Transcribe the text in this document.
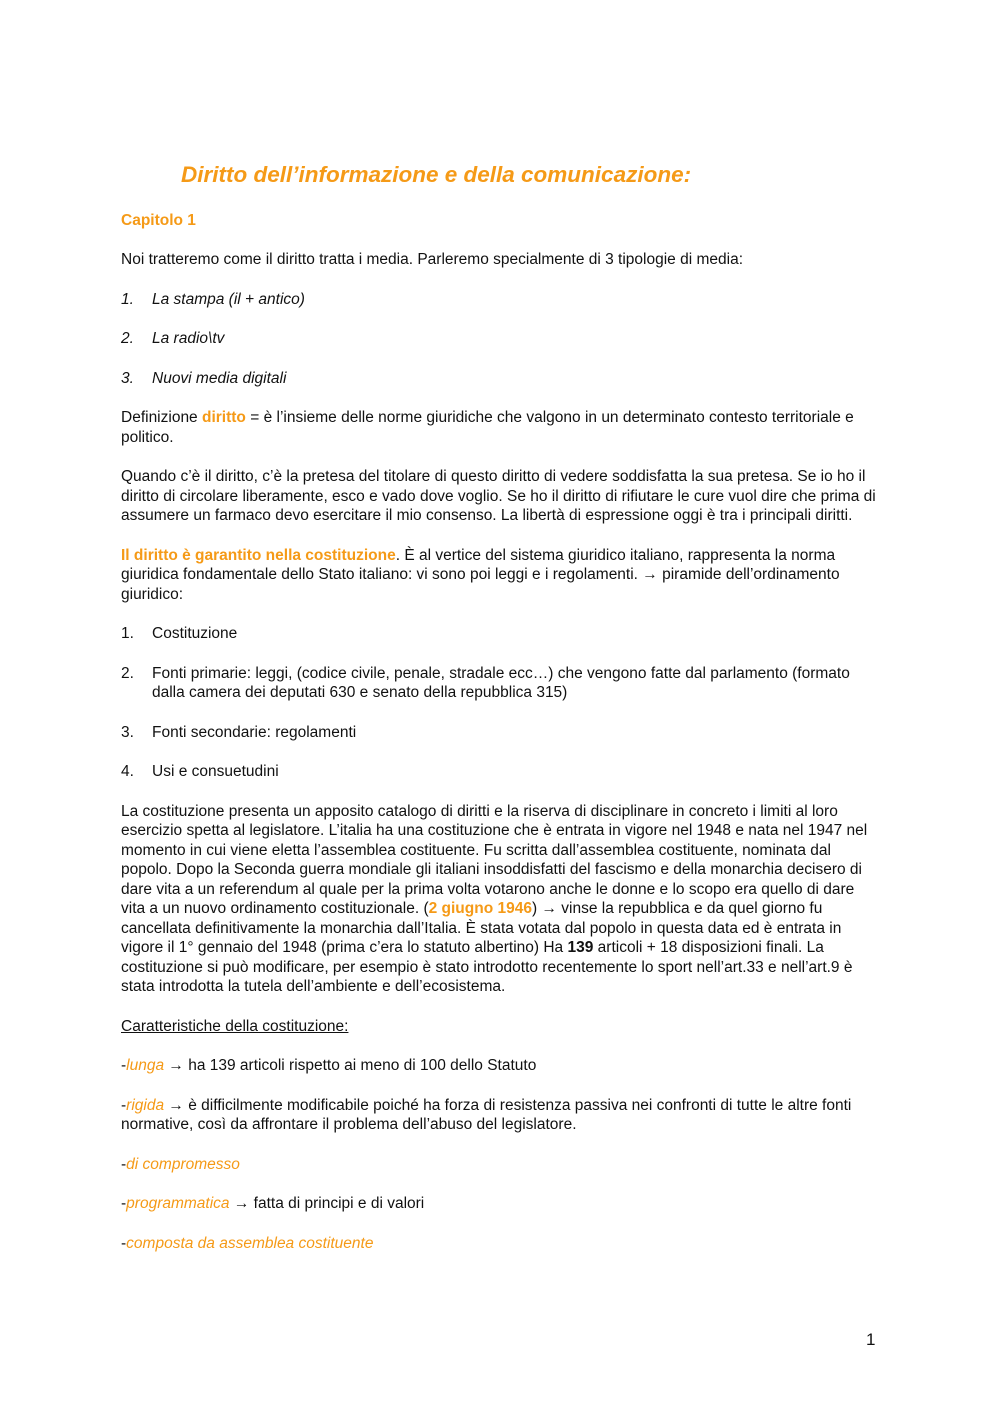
Diritto dell’informazione e della comunicazione:
Capitolo 1

Noi tratteremo come il diritto tratta i media. Parleremo specialmente di 3 tipologie di media:

1.	La stampa (il + antico)
2.	La radio\tv
3.	Nuovi media digitali

Definizione diritto = è l’insieme delle norme giuridiche che valgono in un determinato contesto territoriale e politico.

Quando c’è il diritto, c’è la pretesa del titolare di questo diritto di vedere soddisfatta la sua pretesa. Se io ho il diritto di circolare liberamente, esco e vado dove voglio. Se ho il diritto di rifiutare le cure vuol dire che prima di assumere un farmaco devo esercitare il mio consenso. La libertà di espressione oggi è tra i principali diritti.

Il diritto è garantito nella costituzione. È al vertice del sistema giuridico italiano, rappresenta la norma giuridica fondamentale dello Stato italiano: vi sono poi leggi e i regolamenti. → piramide dell’ordinamento giuridico:

1.	Costituzione
2.	Fonti primarie: leggi, (codice civile, penale, stradale ecc…) che vengono fatte dal parlamento (formato dalla camera dei deputati 630 e senato della repubblica 315)
3.	Fonti secondarie: regolamenti
4.	Usi e consuetudini

La costituzione presenta un apposito catalogo di diritti e la riserva di disciplinare in concreto i limiti al loro esercizio spetta al legislatore. L’italia ha una costituzione che è entrata in vigore nel 1948 e nata nel 1947 nel momento in cui viene eletta l’assemblea costituente. Fu scritta dall’assemblea costituente, nominata dal popolo. Dopo la Seconda guerra mondiale gli italiani insoddisfatti del fascismo e della monarchia decisero di dare vita a un referendum al quale per la prima volta votarono anche le donne e lo scopo era quello di dare vita a un nuovo ordinamento costituzionale. (2 giugno 1946) → vinse la repubblica e da quel giorno fu cancellata definitivamente la monarchia dall’Italia. È stata votata dal popolo in questa data ed è entrata in vigore il 1° gennaio del 1948 (prima c’era lo statuto albertino) Ha 139 articoli + 18 disposizioni finali. La costituzione si può modificare, per esempio è stato introdotto recentemente lo sport nell’art.33 e nell’art.9 è stata introdotta la tutela dell’ambiente e dell’ecosistema.

Caratteristiche della costituzione:

-lunga → ha 139 articoli rispetto ai meno di 100 dello Statuto

-rigida → è difficilmente modificabile poiché ha forza di resistenza passiva nei confronti di tutte le altre fonti normative, così da affrontare il problema dell’abuso del legislatore.

-di compromesso

-programmatica → fatta di principi e di valori

-composta da assemblea costituente

1
